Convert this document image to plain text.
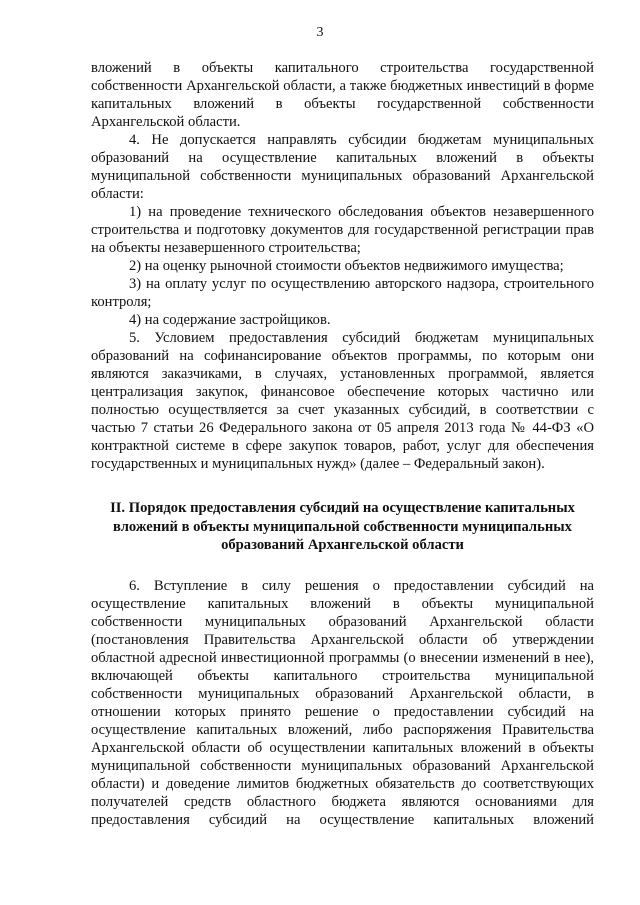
3

вложений в объекты капитального строительства государственной собственности Архангельской области, а также бюджетных инвестиций в форме капитальных вложений в объекты государственной собственности Архангельской области.

4. Не допускается направлять субсидии бюджетам муниципальных образований на осуществление капитальных вложений в объекты муниципальной собственности муниципальных образований Архангельской области:

1) на проведение технического обследования объектов незавершенного строительства и подготовку документов для государственной регистрации прав на объекты незавершенного строительства;

2) на оценку рыночной стоимости объектов недвижимого имущества;

3) на оплату услуг по осуществлению авторского надзора, строительного контроля;

4) на содержание застройщиков.

5. Условием предоставления субсидий бюджетам муниципальных образований на софинансирование объектов программы, по которым они являются заказчиками, в случаях, установленных программой, является централизация закупок, финансовое обеспечение которых частично или полностью осуществляется за счет указанных субсидий, в соответствии с частью 7 статьи 26 Федерального закона от 05 апреля 2013 года № 44-ФЗ «О контрактной системе в сфере закупок товаров, работ, услуг для обеспечения государственных и муниципальных нужд» (далее – Федеральный закон).

II. Порядок предоставления субсидий на осуществление капитальных
вложений в объекты муниципальной собственности муниципальных
образований Архангельской области

6. Вступление в силу решения о предоставлении субсидий на осуществление капитальных вложений в объекты муниципальной собственности муниципальных образований Архангельской области (постановления Правительства Архангельской области об утверждении областной адресной инвестиционной программы (о внесении изменений в нее), включающей объекты капитального строительства муниципальной собственности муниципальных образований Архангельской области, в отношении которых принято решение о предоставлении субсидий на осуществление капитальных вложений, либо распоряжения Правительства Архангельской области об осуществлении капитальных вложений в объекты муниципальной собственности муниципальных образований Архангельской области) и доведение лимитов бюджетных обязательств до соответствующих получателей средств областного бюджета являются основаниями для предоставления субсидий на осуществление капитальных вложений
